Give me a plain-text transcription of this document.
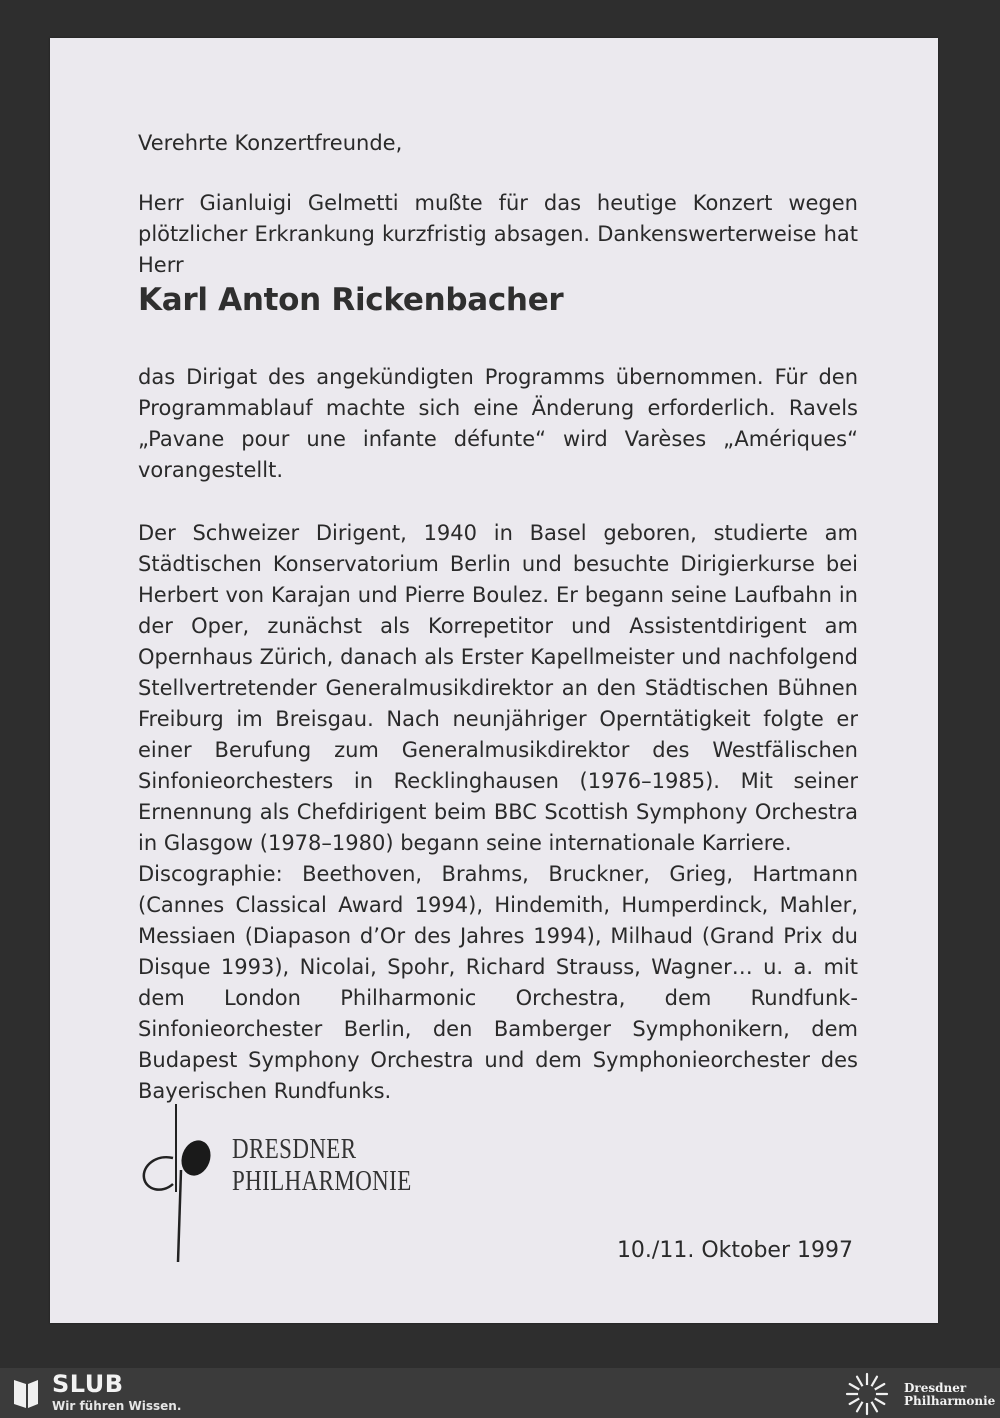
Verehrte Konzertfreunde,
Herr Gianluigi Gelmetti mußte für das heutige Konzert wegen plötzlicher Erkrankung kurzfristig absagen. Dankenswerterweise hat Herr
Karl Anton Rickenbacher
das Dirigat des angekündigten Programms übernommen. Für den Programmablauf machte sich eine Änderung erforderlich. Ravels „Pavane pour une infante défunte“ wird Varèses „Amériques“ vorangestellt.
Der Schweizer Dirigent, 1940 in Basel geboren, studierte am Städtischen Konservatorium Berlin und besuchte Dirigierkurse bei Herbert von Karajan und Pierre Boulez. Er begann seine Laufbahn in der Oper, zunächst als Korrepetitor und Assistentdirigent am Opernhaus Zürich, danach als Erster Kapellmeister und nachfolgend Stellvertretender Generalmusikdirektor an den Städtischen Bühnen Freiburg im Breisgau. Nach neunjähriger Operntätigkeit folgte er einer Berufung zum Generalmusikdirektor des Westfälischen Sinfonieorchesters in Recklinghausen (1976–1985). Mit seiner Ernennung als Chefdirigent beim BBC Scottish Symphony Orchestra in Glasgow (1978–1980) begann seine internationale Karriere.
Discographie: Beethoven, Brahms, Bruckner, Grieg, Hartmann (Cannes Classical Award 1994), Hindemith, Humperdinck, Mahler, Messiaen (Diapason d’Or des Jahres 1994), Milhaud (Grand Prix du Disque 1993), Nicolai, Spohr, Richard Strauss, Wagner… u. a. mit dem London Philharmonic Orchestra, dem Rundfunk-Sinfonieorchester Berlin, den Bamberger Symphonikern, dem Budapest Symphony Orchestra und dem Symphonieorchester des Bayerischen Rundfunks.
DRESDNER
PHILHARMONIE
10./11. Oktober 1997
SLUB
Wir führen Wissen.
Dresdner
Philharmonie
